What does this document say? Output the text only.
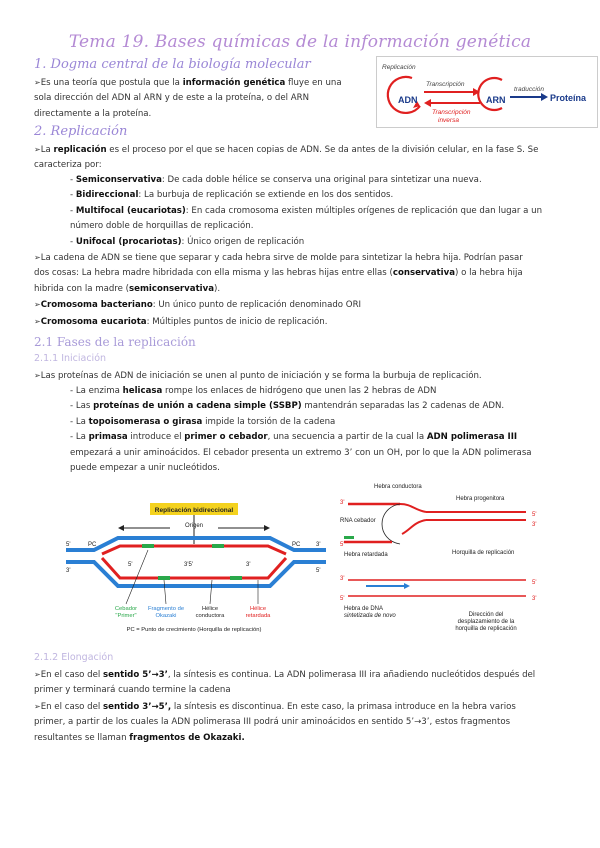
Tema 19. Bases químicas de la información genética
1. Dogma central de la biología molecular
➢Es una teoría que postula que la información genética fluye en una
sola dirección del ADN al ARN y de este a la proteína, o del ARN
directamente a la proteína.
Replicación
ADN
Transcripción
Transcripción
inversa
ARN
traducción
Proteína
2. Replicación
➢La replicación es el proceso por el que se hacen copias de ADN. Se da antes de la división celular, en la fase S. Se
caracteriza por:
- Semiconservativa: De cada doble hélice se conserva una original para sintetizar una nueva.
- Bidireccional: La burbuja de replicación se extiende en los dos sentidos.
- Multifocal (eucariotas): En cada cromosoma existen múltiples orígenes de replicación que dan lugar a un
número doble de horquillas de replicación.
- Unifocal (procariotas): Único origen de replicación
➢La cadena de ADN se tiene que separar y cada hebra sirve de molde para sintetizar la hebra hija. Podrían pasar
dos cosas: La hebra madre hibridada con ella misma y las hebras hijas entre ellas (conservativa) o la hebra hija
hibrida con la madre (semiconservativa).
➢Cromosoma bacteriano: Un único punto de replicación denominado ORI
➢Cromosoma eucariota: Múltiples puntos de inicio de replicación.
2.1 Fases de la replicación
2.1.1 Iniciación
➢Las proteínas de ADN de iniciación se unen al punto de iniciación y se forma la burbuja de replicación.
- La enzima helicasa rompe los enlaces de hidrógeno que unen las 2 hebras de ADN
- Las proteínas de unión a cadena simple (SSBP) mantendrán separadas las 2 cadenas de ADN.
- La topoisomerasa o girasa impide la torsión de la cadena
- La primasa introduce el primer o cebador, una secuencia a partir de la cual la ADN polimerasa III
empezará a unir aminoácidos. El cebador presenta un extremo 3’ con un OH, por lo que la ADN polimerasa
puede empezar a unir nucleótidos.
Replicación bidireccional
Origen
5'	PC
3'
PC	3'
5'
3'5'
5'	3'
Cebador
"Primer"
Fragmento de
Okazaki
Hélice
conductora
Hélice
retardada
PC = Punto de crecimiento (Horquilla de replicación)
Hebra conductora
Hebra progenitora
3'
5'
3'
RNA cebador
5'
Hebra retardada	Horquilla de replicación
3'
5'
3'
5'
Hebra de DNA
sintetizada de novo	Dirección del
desplazamiento de la
horquilla de replicación
2.1.2 Elongación
➢En el caso del sentido 5’→3’, la síntesis es continua. La ADN polimerasa III ira añadiendo nucleótidos después del
primer y terminará cuando termine la cadena
➢En el caso del sentido 3’→5’, la síntesis es discontinua. En este caso, la primasa introduce en la hebra varios
primer, a partir de los cuales la ADN polimerasa III podrá unir aminoácidos en sentido 5’→3’, estos fragmentos
resultantes se llaman fragmentos de Okazaki.
